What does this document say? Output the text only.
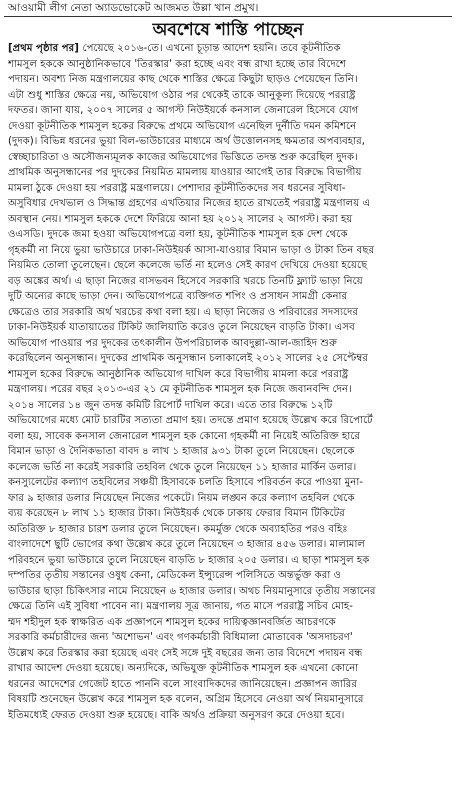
আওয়ামী লীগ নেতা অ্যাডভোকেট আজমত উল্লা খান প্রমুখ।
অবশেষে শাস্তি পাচ্ছেন
[প্রথম পৃষ্ঠার পর] পেয়েছে ২০১৬-তে। এখনো চূড়ান্ত আদেশ হয়নি। তবে কূটনীতিক
শামসুল হককে আনুষ্ঠানিকভাবে 'তিরস্কার' করা হচ্ছে এবং বন্ধ রাখা হচ্ছে তার বিদেশে
পদায়ন। অবশ্য নিজ মন্ত্রণালয়ের কাছ থেকে শাস্তির ক্ষেত্রে কিছুটা ছাড়ও পেয়েছেন তিনি।
এটা শুধু শাস্তির ক্ষেত্রে নয়, অভিযোগ ওঠার পর থেকেই তাকে আনুকূল্য দিয়েছে পররাষ্ট্র
দফতর। জানা যায়, ২০০৭ সালের ৫ আগস্ট নিউইয়র্কে কনসাল জেনারেল হিসেবে যোগ
দেওয়া কূটনীতিক শামসুল হকের বিরুদ্ধে প্রথমে অভিযোগ এনেছিল দুর্নীতি দমন কমিশনে
(দুদক)। বিভিন্ন ধরনের ভুয়া বিল-ভাউচারের মাধ্যমে অর্থ উত্তোলনসহ ক্ষমতার অপব্যবহার,
স্বেচ্ছাচারিতা ও অসৌজন্যমূলক কাজের অভিযোগের ভিত্তিতে তদন্ত শুরু করেছিল দুদক।
প্রাথমিক অনুসন্ধানের পর দুদকের নিয়মিত মামলায় যাওয়ার আগেই তার বিরুদ্ধে বিভাগীয়
মামলা ঠুকে দেওয়া হয় পররাষ্ট্র মন্ত্রণালয়ে। পেশাদার কূটনীতিকদের সব ধরনের সুবিধা-
অসুবিধার দেখভাল ও সিদ্ধান্ত গ্রহণের এখতিয়ার নিজের হাতে রাখতেই পররাষ্ট্র মন্ত্রণালয় এ
অবস্থান নেয়। শামসুল হককে দেশে ফিরিয়ে আনা হয় ২০১২ সালের ২ আগস্ট। করা হয়
ওএসডি। দুদকে জমা হওয়া অভিযোগপত্রে বলা হয়, কূটনীতিক শামসুল হক দেশ থেকে
গৃহকর্মী না নিয়ে ভুয়া ভাউচারে ঢাকা-নিউইয়র্ক আসা-যাওয়ার বিমান ভাড়া ও টাকা তিন বছর
নিয়মিত তোলা তুলেছেন। ছেলে কলেজে ভর্তি না হলেও সেই কারণ দেখিয়ে দেওয়া হয়েছে
বড় অঙ্কের অর্থ। এ ছাড়া নিজের বাসভবন হিসেবে সরকারি খরচে তিনটি ফ্ল্যাট ভাড়া নিয়ে
দুটি অন্যের কাছে ভাড়া দেন। অভিযোগপত্রে ব্যক্তিগত শপিং ও প্রসাধন সামগ্রী কেনার
ক্ষেত্রেও তার সরকারি অর্থ খরচের কথা বলা হয়। এ ছাড়া নিজের ও পরিবারের সদস্যদের
ঢাকা-নিউইয়র্ক যাতায়াতের টিকিট জালিয়াতি করেও তুলে নিয়েছেন বাড়তি টাকা। এসব
অভিযোগ পাওয়ার পর দুদকের তৎকালীন উপপরিচালক আবদুল্লা-আল-জাহিদ শুরু
করেছিলেন অনুসন্ধান। দুদকের প্রাথমিক অনুসন্ধান চলাকালেই ২০১২ সালের ২৫ সেপ্টেম্বর
শামসুল হকের বিরুদ্ধে আনুষ্ঠানিক অভিযোগ দাখিল করে বিভাগীয় মামলা করে পররাষ্ট্র
মন্ত্রণালয়। পরের বছর ২০১৩-এর ২১ মে কূটনীতিক শামসুল হক নিজে জবানবন্দি দেন।
২০১৪ সালের ১৪ জুন তদন্ত কমিটি রিপোর্ট দাখিল করে। এতে তার বিরুদ্ধে ১২টি
অভিযোগের মধ্যে মোট চারটির সত্যতা প্রমাণ হয়। তদন্তে প্রমাণ হয়েছে উল্লেখ করে রিপোর্টে
বলা হয়, সাবেক কনসাল জেনারেল শামসুল হক কোনো গৃহকর্মী না নিয়েই অতিরিক্ত হারে
বিমান ভাড়া ও দৈনিকভাতা বাবদ ৪ লাখ ১ হাজার ৯৩১ টাকা তুলে নিয়েছেন। ছেলেকে
কলেজে ভর্তি না করেই সরকারি তহবিল থেকে তুলে নিয়েছেন ১১ হাজার মার্কিন ডলার।
কনস্যুলেটের কল্যাণ তহবিলের সঞ্চয়ী হিসাবকে চলতি হিসাবে পরিবর্তন করে পাওয়া মুনা-
ফার ৯ হাজার ডলার নিয়েছেন নিজের পকেটে। নিয়ম লঙ্ঘন করে কল্যাণ তহবিল থেকে
ব্যয় করেছেন ৮ লাখ ১১ হাজার টাকা। নিউইয়র্ক থেকে ঢাকায় ফেরার বিমান টিকিটের
অতিরিক্ত ৮ হাজার চারশ ডলার তুলে নিয়েছেন। কমর্মুক্ত থেকে অব্যাহতির পরও বহিঃ
বাংলাদেশে ছুটি ভোগের কথা উল্লেখ করে তুলে নিয়েছেন ৩ হাজার ৪৫৬ ডলার। মালামাল
পরিবহনে ভুয়া ভাউচারে তুলে নিয়েছেন বাড়তি ৮ হাজার ২০৫ ডলার। এ ছাড়া শামসুল হক
দম্পতির তৃতীয় সন্তানের ওষুধ কেনা, মেডিকেল ইন্স্যুরেন্স পলিসিতে অন্তর্ভুক্ত করা ও
ভাউচার ছাড়া চিকিৎসার নামে নিয়েছেন ৬ হাজার ডলার। অথচ নিয়মানুসারে তৃতীয় সন্তানের
ক্ষেত্রে তিনি এই সুবিধা পাবেন না। মন্ত্রণালয় সূত্র জানায়, গত মাসে পররাষ্ট্র সচিব মোহ-
ম্মদ শহীদুল হক স্বাক্ষরিত এক প্রজ্ঞাপনে শামসুল হকের দায়িত্বজ্ঞানবর্জিত আচরণকে
সরকারি কর্মচারীদের জন্য 'অশোভন' এবং গণকর্মচারী বিধিমালা মোতাবেক 'অসদাচরণ'
উল্লেখ করে তিরস্কার করা হয়েছে এবং সেই সঙ্গে দুই বছরের জন্য তার বিদেশে পদায়ন বন্ধ
রাখার আদেশ দেওয়া হয়েছে। অন্যদিকে, অভিযুক্ত কূটনীতিক শামসুল হক এখনো কোনো
ধরনের আদেশের গেজেট হাতে পাননি বলে সাংবাদিকদের জানিয়েছেন। প্রজ্ঞাপন জারির
বিষয়টি শুনেছেন উল্লেখ করে শামসুল হক বলেন, অগ্রিম হিসেবে নেওয়া অর্থ নিয়মানুসারে
ইতিমধ্যেই ফেরত দেওয়া শুরু হয়েছে। বাকি অর্থও প্রক্রিয়া অনুসরণ করে দেওয়া হবে।
